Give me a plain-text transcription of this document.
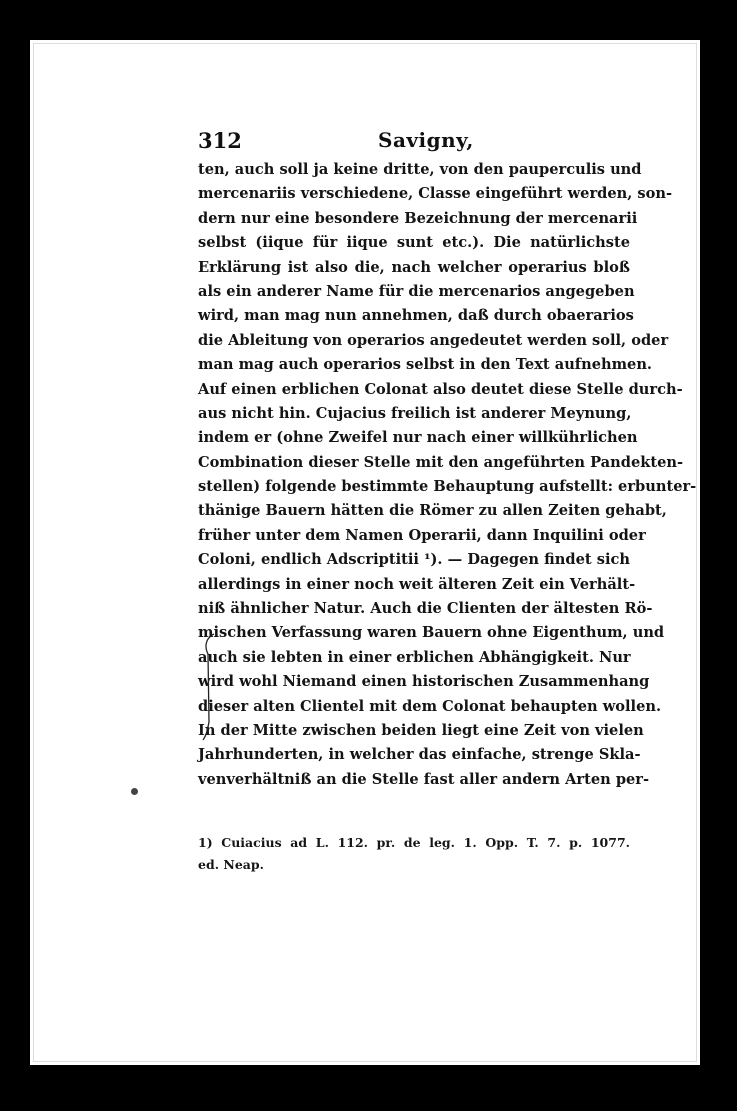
312	Savigny,
ten, auch soll ja keine dritte, von den pauperculis und
mercenariis verschiedene, Classe eingeführt werden, son-
dern nur eine besondere Bezeichnung der mercenarii
selbst (iique für iique sunt etc.). Die natürlichste
Erklärung ist also die, nach welcher operarius bloß
als ein anderer Name für die mercenarios angegeben
wird, man mag nun annehmen, daß durch obaerarios
die Ableitung von operarios angedeutet werden soll, oder
man mag auch operarios selbst in den Text aufnehmen.
Auf einen erblichen Colonat also deutet diese Stelle durch-
aus nicht hin. Cujacius freilich ist anderer Meynung,
indem er (ohne Zweifel nur nach einer willkührlichen
Combination dieser Stelle mit den angeführten Pandekten-
stellen) folgende bestimmte Behauptung aufstellt: erbunter-
thänige Bauern hätten die Römer zu allen Zeiten gehabt,
früher unter dem Namen Operarii, dann Inquilini oder
Coloni, endlich Adscriptitii ¹). — Dagegen findet sich
allerdings in einer noch weit älteren Zeit ein Verhält-
niß ähnlicher Natur. Auch die Clienten der ältesten Rö-
mischen Verfassung waren Bauern ohne Eigenthum, und
auch sie lebten in einer erblichen Abhängigkeit. Nur
wird wohl Niemand einen historischen Zusammenhang
dieser alten Clientel mit dem Colonat behaupten wollen.
In der Mitte zwischen beiden liegt eine Zeit von vielen
Jahrhunderten, in welcher das einfache, strenge Skla-
venverhältniß an die Stelle fast aller andern Arten per-
1) Cuiacius ad L. 112. pr. de leg. 1. Opp. T. 7. p. 1077.
ed. Neap.
